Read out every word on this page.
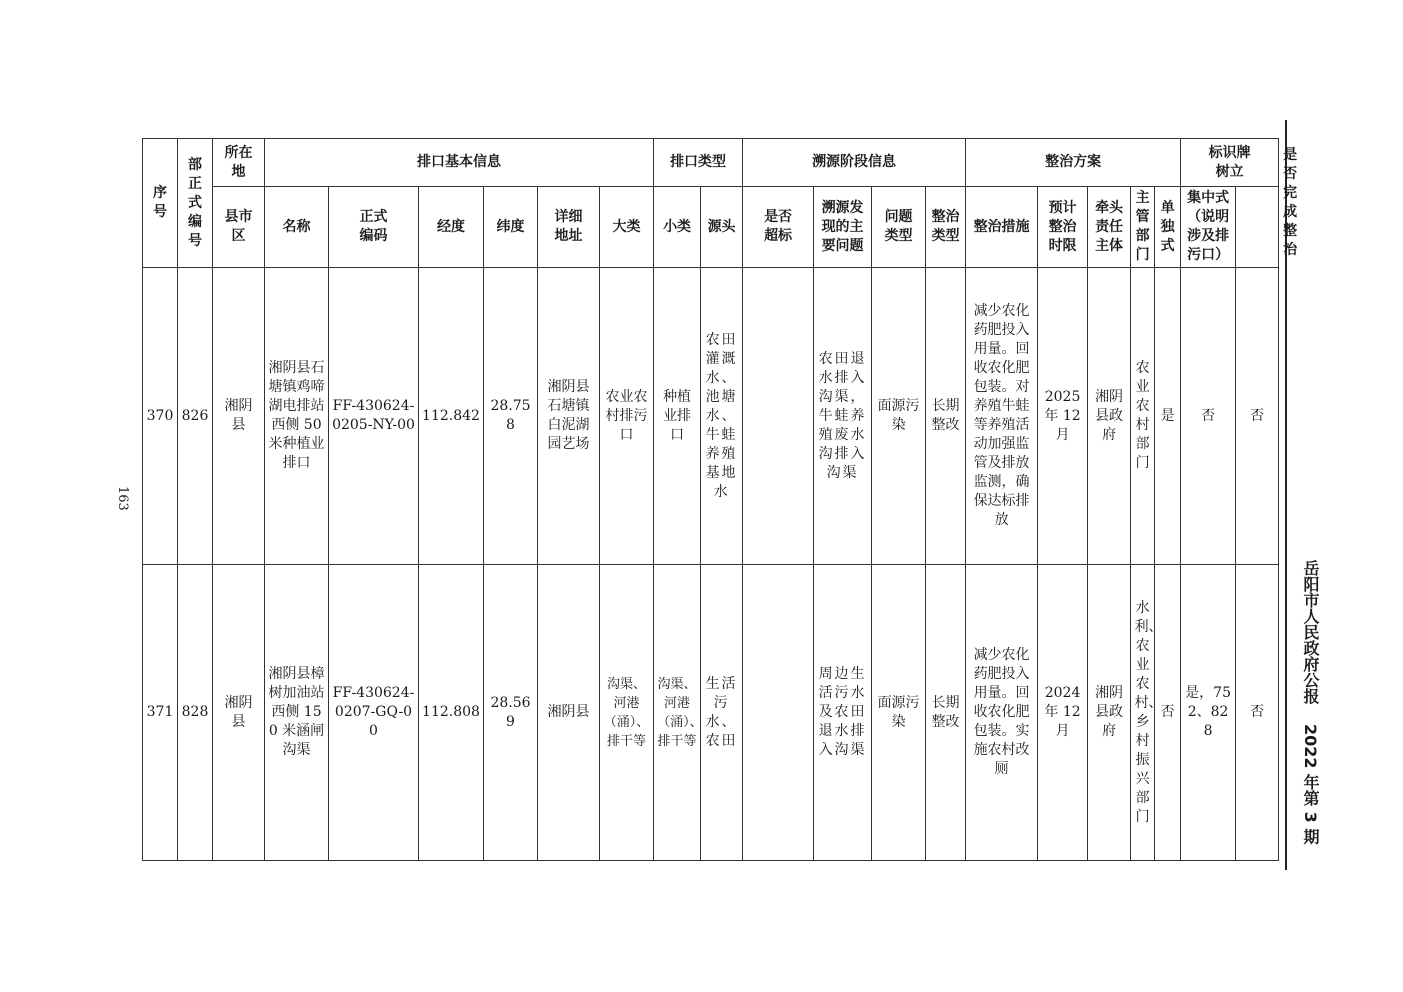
163
岳阳市人民政府公报2022 年第 3 期
序号	部正式编号	所在地	排口基本信息						排口类型		溯源阶段信息				整治方案					标识牌树立		是否完成整治
		县市区	名称	正式编码	经度	纬度	详细地址	大类	小类	源头	是否超标	溯源发现的主要问题	问题类型	整治类型	整治措施	预计整治时限	牵头责任主体	主管部门	单独式	集中式（说明涉及排污口）		
370	826	湘阴县	湘阴县石塘镇鸡啼湖电排站西侧 50 米种植业排口	FF-430624-0205-NY-00	112.842	28.758	湘阴县石塘镇白泥湖园艺场	农业农村排污口	种植业排口	农田灌溉水、池塘水、牛蛙养殖基地水		农田退水排入沟渠，牛蛙养殖废水沟排入沟渠	面源污染	长期整改	减少农化药肥投入用量。回收农化肥包装。对养殖牛蛙等养殖活动加强监管及排放监测，确保达标排放	2025 年 12 月	湘阴县政府	农业农村部门	是	否	否	
371	828	湘阴县	湘阴县樟树加油站西侧 150 米涵闸沟渠	FF-430624-0207-GQ-00	112.808	28.569	湘阴县	沟渠、河港（涌）、排干等	沟渠、河港（涌）、排干等	生活污水、农田		周边生活污水及农田退水排入沟渠	面源污染	长期整改	减少农化药肥投入用量。回收农化肥包装。实施农村改厕	2024 年 12 月	湘阴县政府	水利、农业农村、乡村振兴部门	否	是，752、828	否	
